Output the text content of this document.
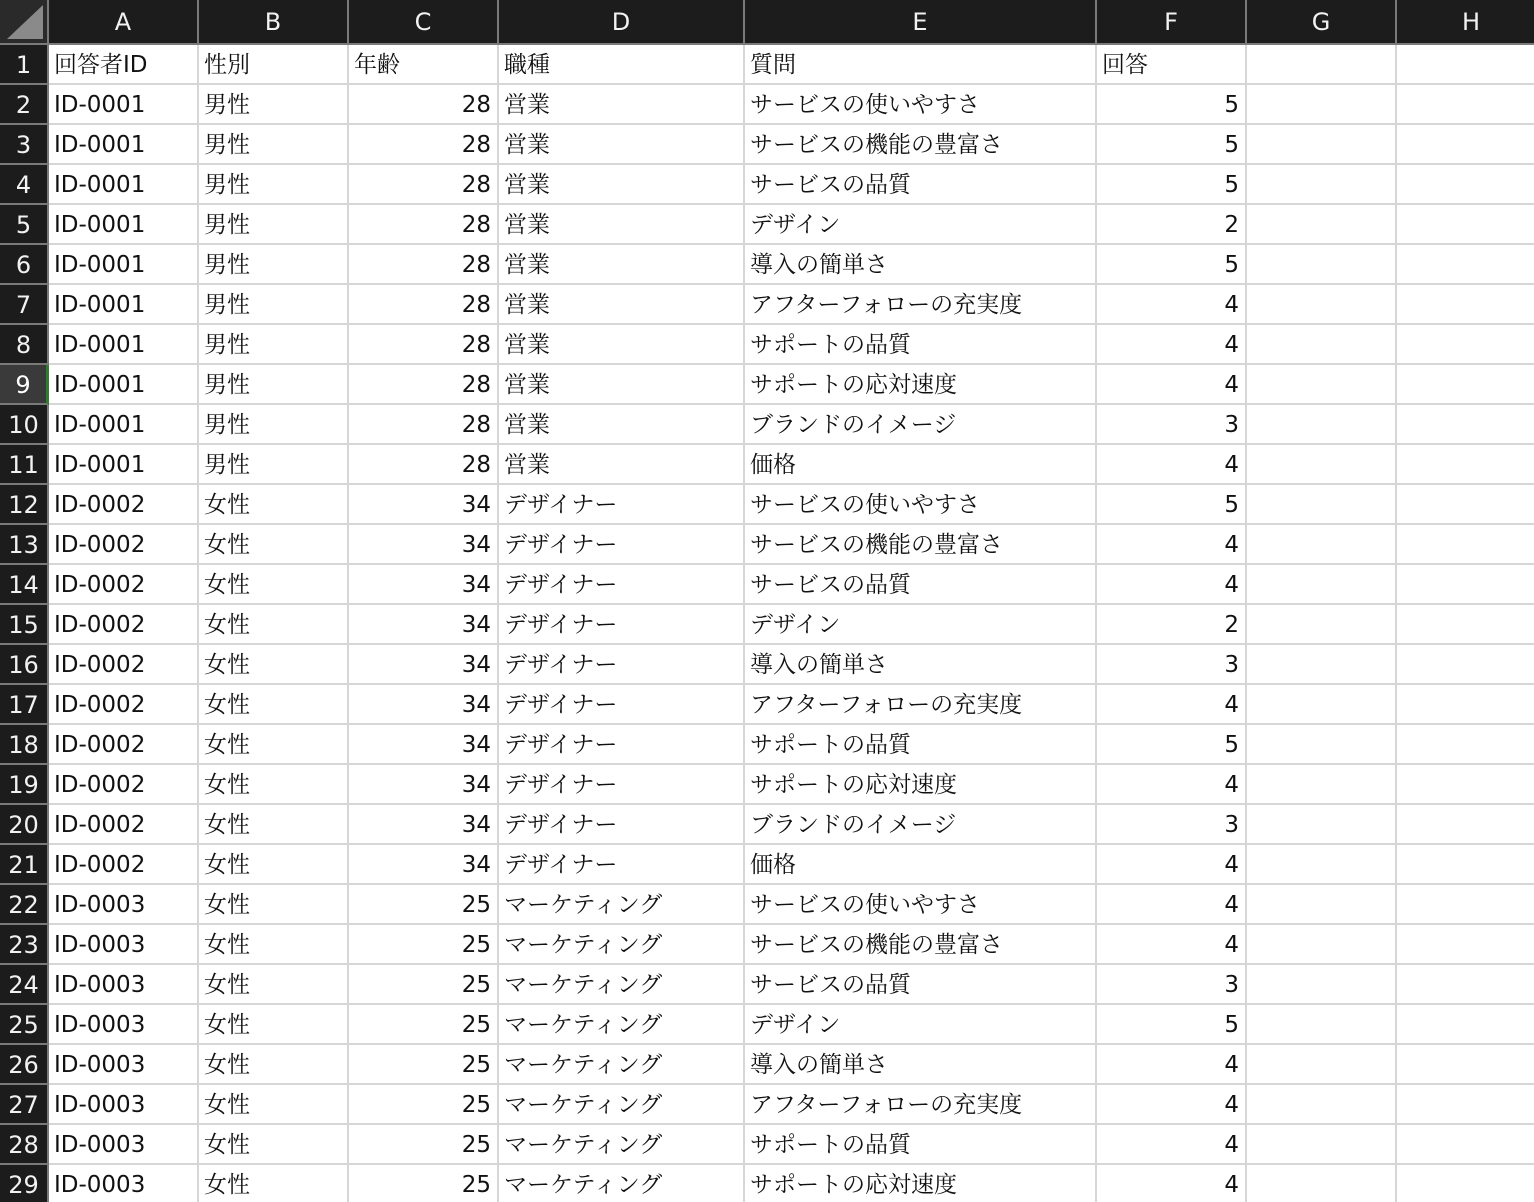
A	B	C	D	E	F	G	H
1 回答者ID	性別	年齢	職種	質問	回答
2 ID-0001	男性	28 営業	サービスの使いやすさ	5
3 ID-0001	男性	28 営業	サービスの機能の豊富さ	5
4 ID-0001	男性	28 営業	サービスの品質	5
5 ID-0001	男性	28 営業	デザイン	2
6 ID-0001	男性	28 営業	導入の簡単さ	5
7 ID-0001	男性	28 営業	アフターフォローの充実度	4
8 ID-0001	男性	28 営業	サポートの品質	4
9	ID-0001	男性	28 営業	サポートの応対速度	4
10 ID-0001	男性	28 営業	ブランドのイメージ	3
11 ID-0001	男性	28 営業	価格	4
12 ID-0002	女性	34 デザイナー	サービスの使いやすさ	5
13 ID-0002	女性	34 デザイナー	サービスの機能の豊富さ	4
14 ID-0002	女性	34 デザイナー	サービスの品質	4
15 ID-0002	女性	34 デザイナー	デザイン	2
16 ID-0002	女性	34 デザイナー	導入の簡単さ	3
17 ID-0002	女性	34 デザイナー	アフターフォローの充実度	4
18 ID-0002	女性	34 デザイナー	サポートの品質	5
19 ID-0002	女性	34 デザイナー	サポートの応対速度	4
20 ID-0002	女性	34 デザイナー	ブランドのイメージ	3
21 ID-0002	女性	34 デザイナー	価格	4
22 ID-0003	女性	25 マーケティング	サービスの使いやすさ	4
23 ID-0003	女性	25 マーケティング	サービスの機能の豊富さ	4
24 ID-0003	女性	25 マーケティング	サービスの品質	3
25 ID-0003	女性	25 マーケティング	デザイン	5
26 ID-0003	女性	25 マーケティング	導入の簡単さ	4
27 ID-0003	女性	25 マーケティング	アフターフォローの充実度	4
28 ID-0003	女性	25 マーケティング	サポートの品質	4
29 ID-0003	女性	25 マーケティング	サポートの応対速度	4
